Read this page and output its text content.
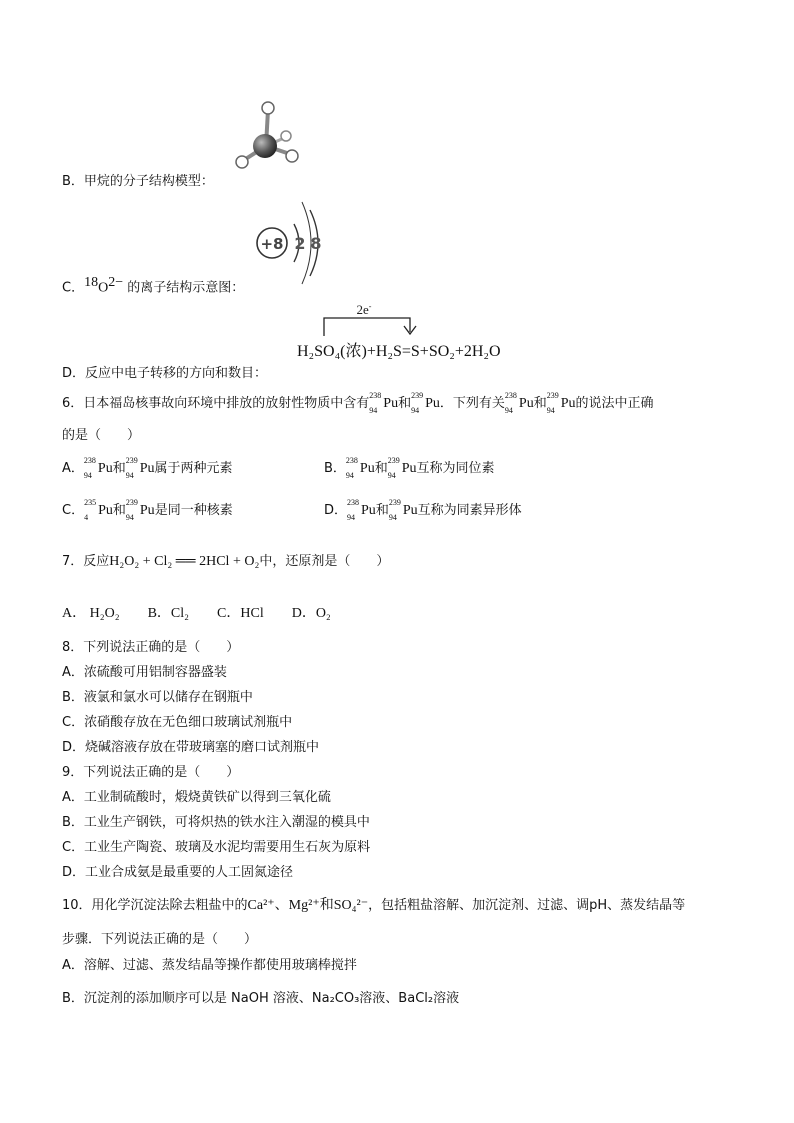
B．甲烷的分子结构模型：
+8 2 8
C．18O2− 的离子结构示意图：
2e-
H₂SO₄(浓)+H₂S=S+SO₂+2H₂O
D．反应中电子转移的方向和数目：
6．日本福岛核事故向环境中排放的放射性物质中含有
238
94 Pu和
239
94 Pu．下列有关
238
94 Pu和
239
94 Pu的说法中正确
的是（　　）
A．
238
94 Pu和
239
94 Pu属于两种元素	B．
238
94 Pu和
239
94 Pu互称为同位素
C．
235
4 Pu和
239
94 Pu是同一种核素	D．
238
94 Pu和
239
94 Pu互称为同素异形体
7．反应H₂O₂ + Cl₂ ══ 2HCl + O₂中，还原剂是（　　）
A． H₂O₂　　B．Cl₂　　C．HCl　　D．O₂
8．下列说法正确的是（　　）
A．浓硫酸可用铝制容器盛装
B．液氯和氯水可以储存在钢瓶中
C．浓硝酸存放在无色细口玻璃试剂瓶中
D．烧碱溶液存放在带玻璃塞的磨口试剂瓶中
9．下列说法正确的是（　　）
A．工业制硫酸时，煅烧黄铁矿以得到三氧化硫
B．工业生产钢铁，可将炽热的铁水注入潮湿的模具中
C．工业生产陶瓷、玻璃及水泥均需要用生石灰为原料
D．工业合成氨是最重要的人工固氮途径
10．用化学沉淀法除去粗盐中的Ca²⁺、Mg²⁺和SO₄²⁻，包括粗盐溶解、加沉淀剂、过滤、调pH、蒸发结晶等
步骤．下列说法正确的是（　　）
A．溶解、过滤、蒸发结晶等操作都使用玻璃棒搅拌
B．沉淀剂的添加顺序可以是 NaOH 溶液、Na₂CO₃溶液、BaCl₂溶液
